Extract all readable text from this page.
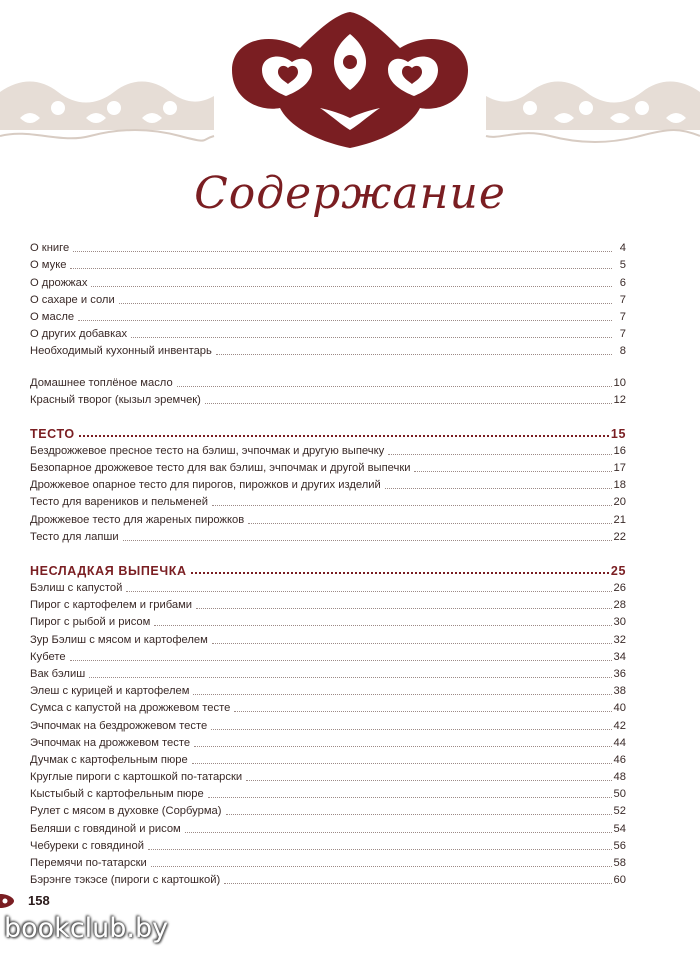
Содержание
О книге	4
О муке	5
О дрожжах	6
О сахаре и соли	7
О масле	7
О других добавках	7
Необходимый кухонный инвентарь	8
Домашнее топлёное масло	10
Красный творог (кызыл эремчек)	12
ТЕСТО	15
Бездрожжевое пресное тесто на бэлиш, эчпочмак и другую выпечку	16
Безопарное дрожжевое тесто для вак бэлиш, эчпочмак и другой выпечки	17
Дрожжевое опарное тесто для пирогов, пирожков и других изделий	18
Тесто для вареников и пельменей	20
Дрожжевое тесто для жареных пирожков	21
Тесто для лапши	22
НЕСЛАДКАЯ ВЫПЕЧКА	25
Бэлиш с капустой	26
Пирог с картофелем и грибами	28
Пирог с рыбой и рисом	30
Зур Бэлиш с мясом и картофелем	32
Кубете	34
Вак бэлиш	36
Элеш с курицей и картофелем	38
Сумса с капустой на дрожжевом тесте	40
Эчпочмак на бездрожжевом тесте	42
Эчпочмак на дрожжевом тесте	44
Дучмак с картофельным пюре	46
Круглые пироги с картошкой по-татарски	48
Кыстыбый с картофельным пюре	50
Рулет с мясом в духовке (Сорбурма)	52
Беляши с говядиной и рисом	54
Чебуреки с говядиной	56
Перемячи по-татарски	58
Бэрэнге тэкэсе (пироги с картошкой)	60
158
bookclub.by
